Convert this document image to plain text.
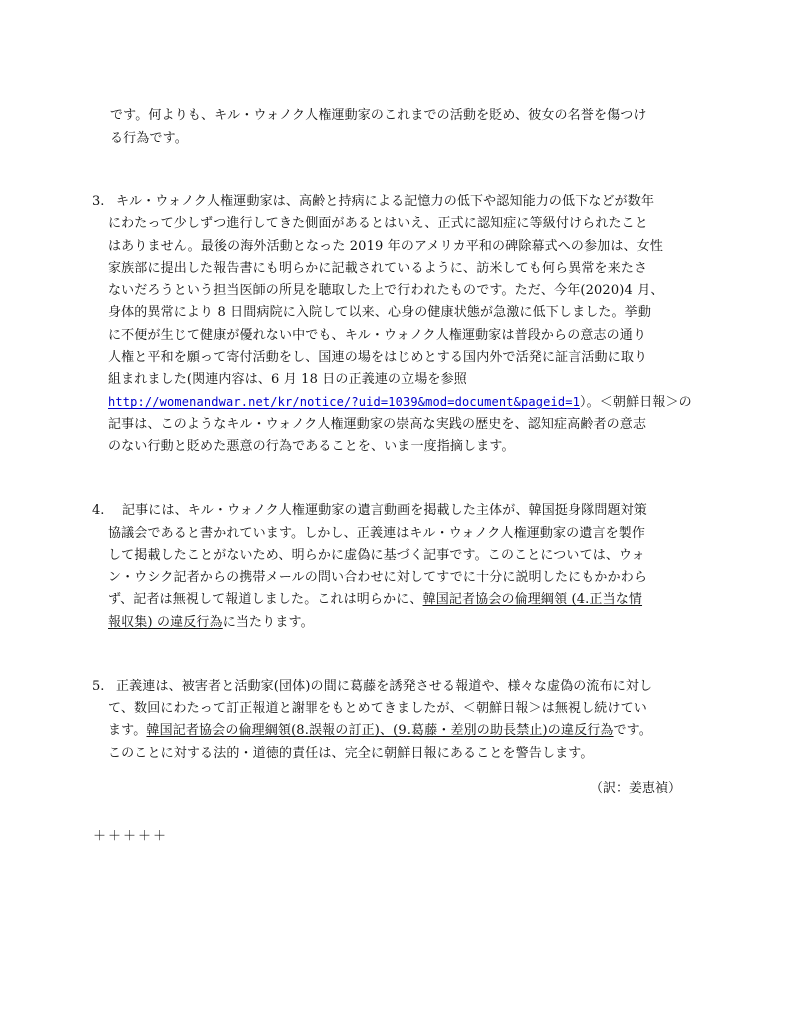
です。何よりも、キル・ウォノク人権運動家のこれまでの活動を貶め、彼女の名誉を傷つけ
る行為です。
3. キル・ウォノク人権運動家は、高齢と持病による記憶力の低下や認知能力の低下などが数年
にわたって少しずつ進行してきた側面があるとはいえ、正式に認知症に等級付けられたこと
はありません。最後の海外活動となった 2019 年のアメリカ平和の碑除幕式への参加は、女性
家族部に提出した報告書にも明らかに記載されているように、訪米しても何ら異常を来たさ
ないだろうという担当医師の所見を聴取した上で行われたものです。ただ、今年(2020)4 月、
身体的異常により 8 日間病院に入院して以来、心身の健康状態が急激に低下しました。挙動
に不便が生じて健康が優れない中でも、キル・ウォノク人権運動家は普段からの意志の通り
人権と平和を願って寄付活動をし、国連の場をはじめとする国内外で活発に証言活動に取り
組まれました(関連内容は、6 月 18 日の正義連の立場を参照
http://womenandwar.net/kr/notice/?uid=1039&mod=document&pageid=1）。＜朝鮮日報＞の
記事は、このようなキル・ウォノク人権運動家の崇高な実践の歴史を、認知症高齢者の意志
のない行動と貶めた悪意の行為であることを、いま一度指摘します。
4. 記事には、キル・ウォノク人権運動家の遺言動画を掲載した主体が、韓国挺身隊問題対策
協議会であると書かれています。しかし、正義連はキル・ウォノク人権運動家の遺言を製作
して掲載したことがないため、明らかに虚偽に基づく記事です。このことについては、ウォ
ン・ウシク記者からの携帯メールの問い合わせに対してすでに十分に説明したにもかかわら
ず、記者は無視して報道しました。これは明らかに、韓国記者協会の倫理綱領 (4.正当な情
報収集) の違反行為に当たります。
5. 正義連は、被害者と活動家(団体)の間に葛藤を誘発させる報道や、様々な虚偽の流布に対し
て、数回にわたって訂正報道と謝罪をもとめてきましたが、＜朝鮮日報＞は無視し続けてい
ます。韓国記者協会の倫理綱領(8.誤報の訂正)、(9.葛藤・差別の助長禁止)の違反行為です。
このことに対する法的・道徳的責任は、完全に朝鮮日報にあることを警告します。
（訳：姜恵禎）
＋＋＋＋＋
